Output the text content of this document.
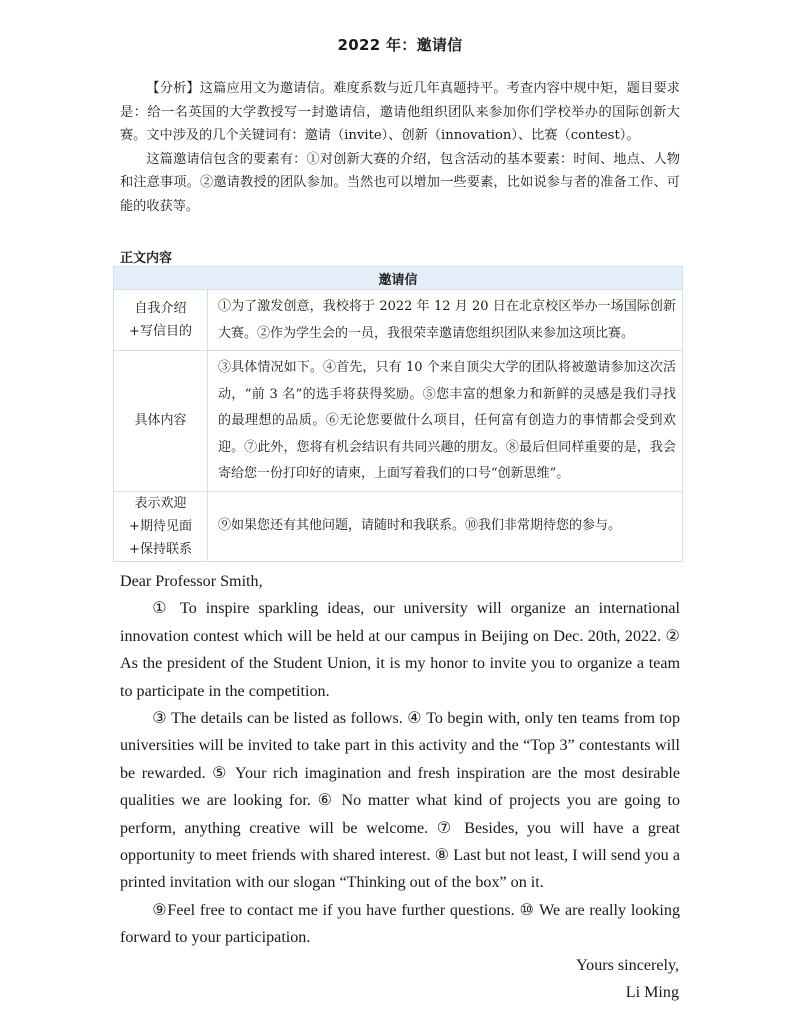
2022 年：邀请信

【分析】这篇应用文为邀请信。难度系数与近几年真题持平。考查内容中规中矩，题目要求是：给一名英国的大学教授写一封邀请信，邀请他组织团队来参加你们学校举办的国际创新大赛。文中涉及的几个关键词有：邀请（invite）、创新（innovation）、比赛（contest）。

这篇邀请信包含的要素有：①对创新大赛的介绍，包含活动的基本要素：时间、地点、人物和注意事项。②邀请教授的团队参加。当然也可以增加一些要素，比如说参与者的准备工作、可能的收获等。

正文内容
邀请信	

自我介绍
+写信目的	①为了激发创意，我校将于 2022 年 12 月 20 日在北京校区举办一场国际创新大赛。②作为学生会的一员，我很荣幸邀请您组织团队来参加这项比赛。

具体内容	③具体情况如下。④首先，只有 10 个来自顶尖大学的团队将被邀请参加这次活动，“前 3 名”的选手将获得奖励。⑤您丰富的想象力和新鲜的灵感是我们寻找的最理想的品质。⑥无论您要做什么项目，任何富有创造力的事情都会受到欢迎。⑦此外，您将有机会结识有共同兴趣的朋友。⑧最后但同样重要的是，我会寄给您一份打印好的请柬，上面写着我们的口号“创新思维”。

表示欢迎
+期待见面
+保持联系	⑨如果您还有其他问题，请随时和我联系。⑩我们非常期待您的参与。

Dear Professor Smith,

① To inspire sparkling ideas, our university will organize an international innovation contest which will be held at our campus in Beijing on Dec. 20th, 2022. ② As the president of the Student Union, it is my honor to invite you to organize a team to participate in the competition.

③ The details can be listed as follows. ④ To begin with, only ten teams from top universities will be invited to take part in this activity and the “Top 3” contestants will be rewarded. ⑤ Your rich imagination and fresh inspiration are the most desirable qualities we are looking for. ⑥ No matter what kind of projects you are going to perform, anything creative will be welcome. ⑦ Besides, you will have a great opportunity to meet friends with shared interest. ⑧ Last but not least, I will send you a printed invitation with our slogan “Thinking out of the box” on it.

⑨Feel free to contact me if you have further questions. ⑩ We are really looking forward to your participation.

Yours sincerely,
Li Ming
